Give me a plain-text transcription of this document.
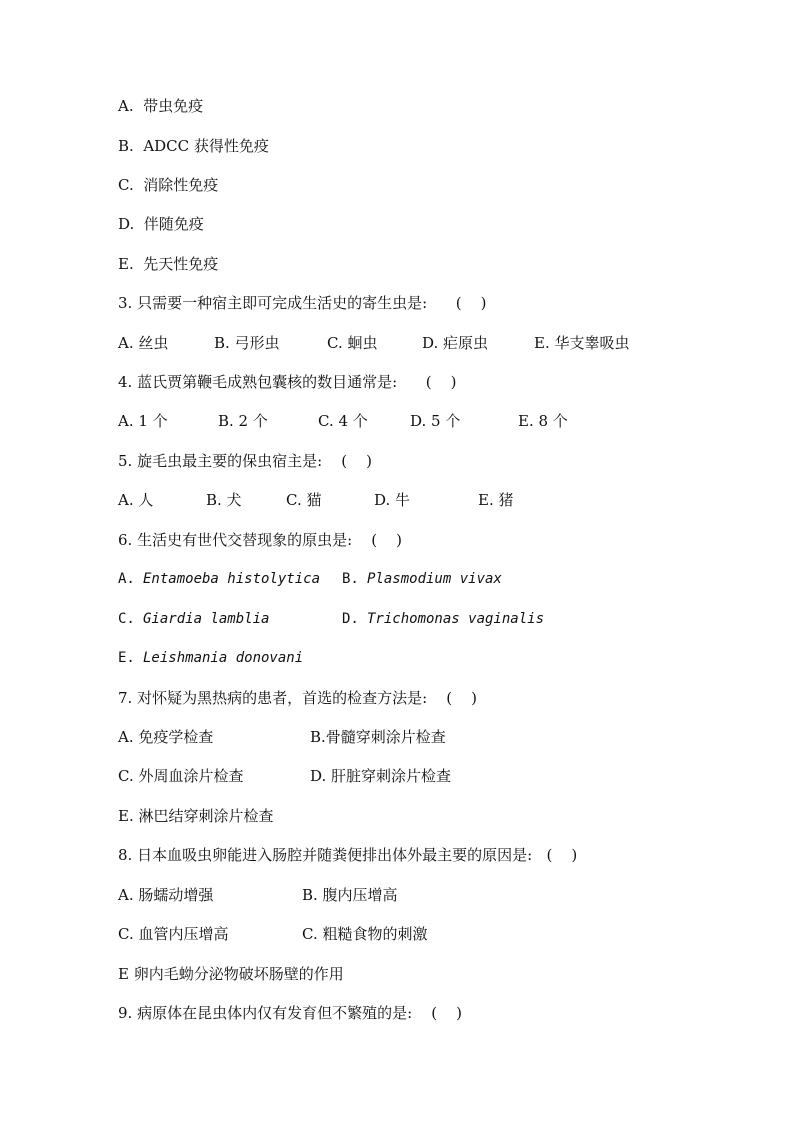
A.  带虫免疫
B.  ADCC 获得性免疫
C.  消除性免疫
D.  伴随免疫
E.  先天性免疫
3. 只需要一种宿主即可完成生活史的寄生虫是:      (    )

A. 丝虫

	B. 弓形虫

	C. 蛔虫

	D. 疟原虫

	E. 华支睾吸虫

4. 蓝氏贾第鞭毛成熟包囊核的数目通常是:      (    )

A. 1 个

	B. 2 个

	C. 4 个

	D. 5 个

	E. 8 个

5. 旋毛虫最主要的保虫宿主是:    (    )

A. 人

	B. 犬

	C. 猫

	D. 牛

	E. 猪

6. 生活史有世代交替现象的原虫是:    (    )

A.

Entamoeba histolytica

B.

Plasmodium vivax

C.

Giardia lamblia

	D.

Trichomonas vaginalis

E.

Leishmania donovani

7. 对怀疑为黑热病的患者，首选的检查方法是:    (    )

A. 免疫学检查

	B.骨髓穿刺涂片检查

C. 外周血涂片检查

	D. 肝脏穿刺涂片检查

E. 淋巴结穿刺涂片检查
8. 日本血吸虫卵能进入肠腔并随粪便排出体外最主要的原因是:   (    )

A. 肠蠕动增强

	B. 腹内压增高

C. 血管内压增高

	C. 粗糙食物的刺激

E 卵内毛蚴分泌物破坏肠壁的作用
9. 病原体在昆虫体内仅有发育但不繁殖的是:    (    )
